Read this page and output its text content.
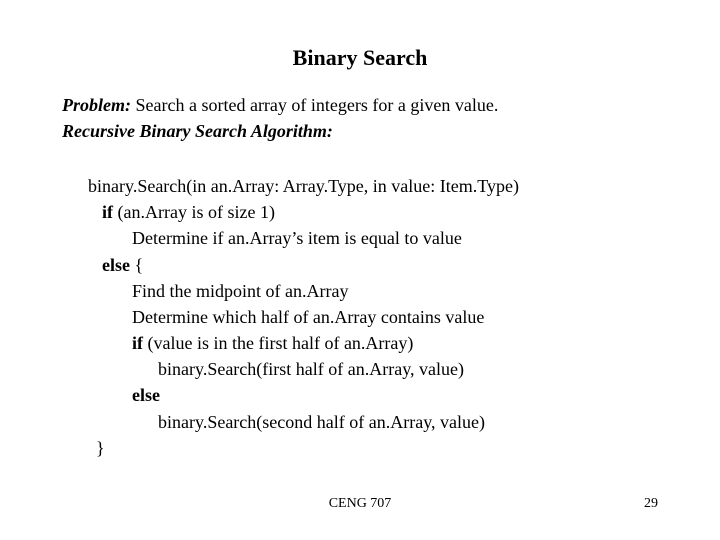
Binary Search
Problem: Search a sorted array of integers for a given value.
Recursive Binary Search Algorithm:
binary.Search(in an.Array: Array.Type, in value: Item.Type)
if (an.Array is of size 1)
Determine if an.Array’s item is equal to value
else {
Find the midpoint of an.Array
Determine which half of an.Array contains value
if (value is in the first half of an.Array)
binary.Search(first half of an.Array, value)
else
binary.Search(second half of an.Array, value)
}
CENG 707	29
